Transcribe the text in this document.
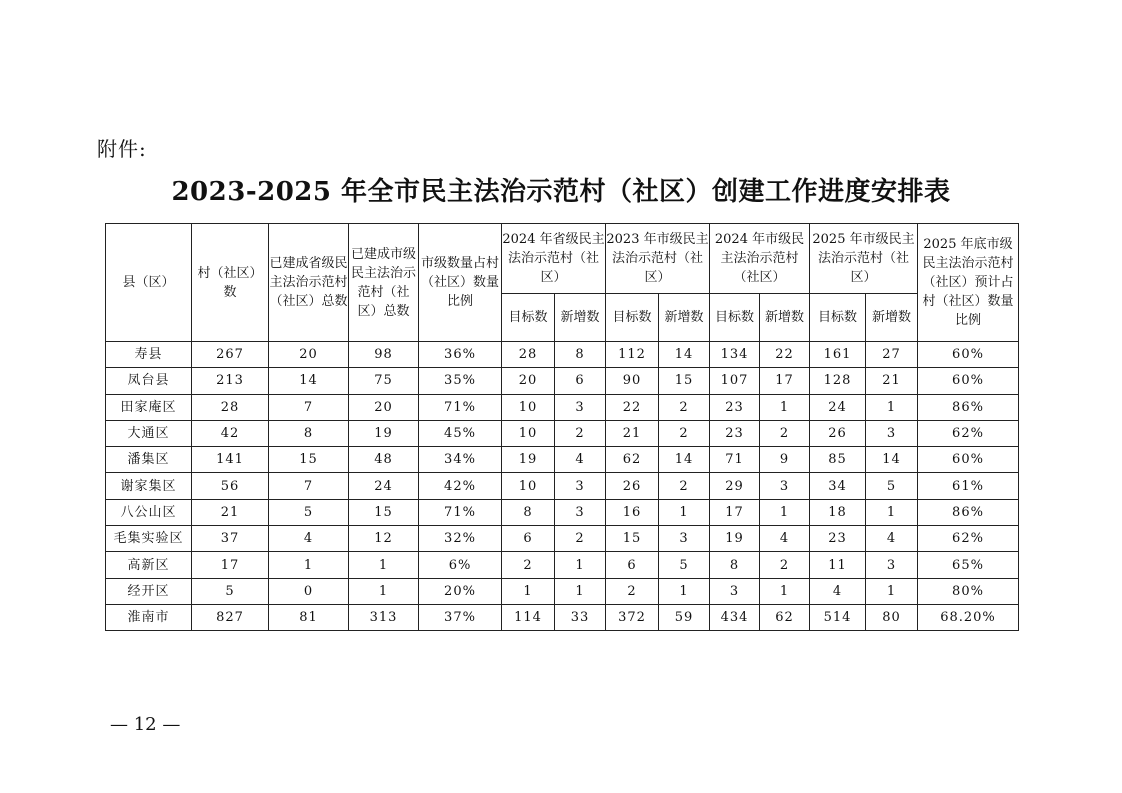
附件:
2023-2025 年全市民主法治示范村（社区）创建工作进度安排表
县（区）	村（社区）数	已建成省级民主法治示范村（社区）总数	已建成市级民主法治示范村（社区）总数	市级数量占村（社区）数量比例	2024 年省级民主法治示范村（社区）		2023 年市级民主法治示范村（社区）		2024 年市级民主法治示范村（社区）		2025 年市级民主法治示范村（社区）		2025 年底市级民主法治示范村（社区）预计占村（社区）数量比例
					目标数	新增数	目标数	新增数	目标数	新增数	目标数	新增数	
寿县	267	20	98	36%	28	8	112	14	134	22	161	27	60%
凤台县	213	14	75	35%	20	6	90	15	107	17	128	21	60%
田家庵区	28	7	20	71%	10	3	22	2	23	1	24	1	86%
大通区	42	8	19	45%	10	2	21	2	23	2	26	3	62%
潘集区	141	15	48	34%	19	4	62	14	71	9	85	14	60%
谢家集区	56	7	24	42%	10	3	26	2	29	3	34	5	61%
八公山区	21	5	15	71%	8	3	16	1	17	1	18	1	86%
毛集实验区	37	4	12	32%	6	2	15	3	19	4	23	4	62%
高新区	17	1	1	6%	2	1	6	5	8	2	11	3	65%
经开区	5	0	1	20%	1	1	2	1	3	1	4	1	80%
淮南市	827	81	313	37%	114	33	372	59	434	62	514	80	68.20%
— 12 —
